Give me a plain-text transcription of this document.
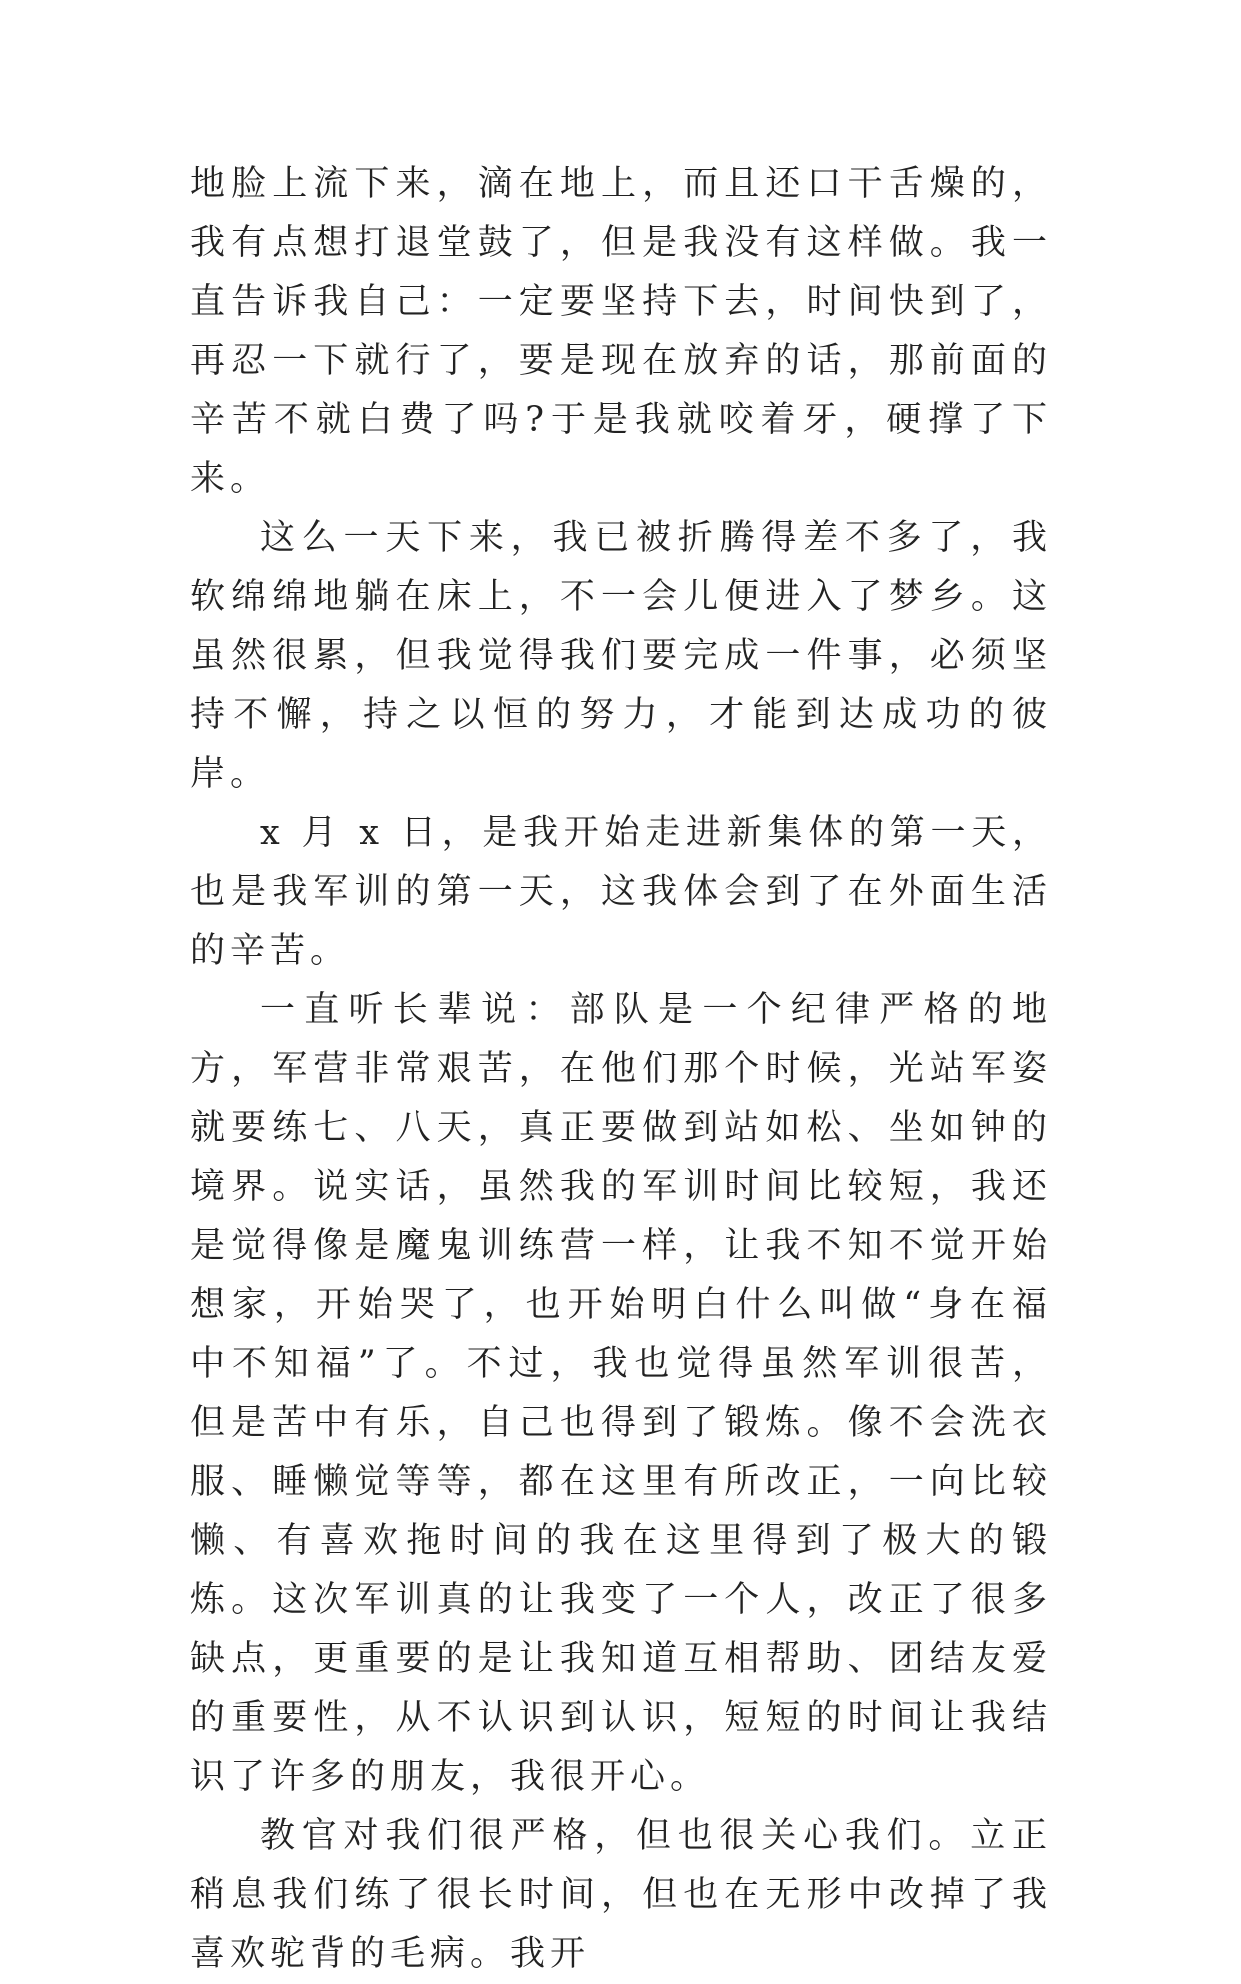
地脸上流下来，滴在地上，而且还口干舌燥的，我有点想打退堂鼓了，但是我没有这样做。我一直告诉我自己：一定要坚持下去，时间快到了，再忍一下就行了，要是现在放弃的话，那前面的辛苦不就白费了吗?于是我就咬着牙，硬撑了下来。

这么一天下来，我已被折腾得差不多了，我软绵绵地躺在床上，不一会儿便进入了梦乡。这虽然很累，但我觉得我们要完成一件事，必须坚持不懈，持之以恒的努力，才能到达成功的彼岸。

x 月 x 日，是我开始走进新集体的第一天，也是我军训的第一天，这我体会到了在外面生活的辛苦。

一直听长辈说：部队是一个纪律严格的地方，军营非常艰苦，在他们那个时候，光站军姿就要练七、八天，真正要做到站如松、坐如钟的境界。说实话，虽然我的军训时间比较短，我还是觉得像是魔鬼训练营一样，让我不知不觉开始想家，开始哭了，也开始明白什么叫做“身在福中不知福”了。不过，我也觉得虽然军训很苦，但是苦中有乐，自己也得到了锻炼。像不会洗衣服、睡懒觉等等，都在这里有所改正，一向比较懒、有喜欢拖时间的我在这里得到了极大的锻炼。这次军训真的让我变了一个人，改正了很多缺点，更重要的是让我知道互相帮助、团结友爱的重要性，从不认识到认识，短短的时间让我结识了许多的朋友，我很开心。

教官对我们很严格，但也很关心我们。立正稍息我们练了很长时间，但也在无形中改掉了我喜欢驼背的毛病。我开
